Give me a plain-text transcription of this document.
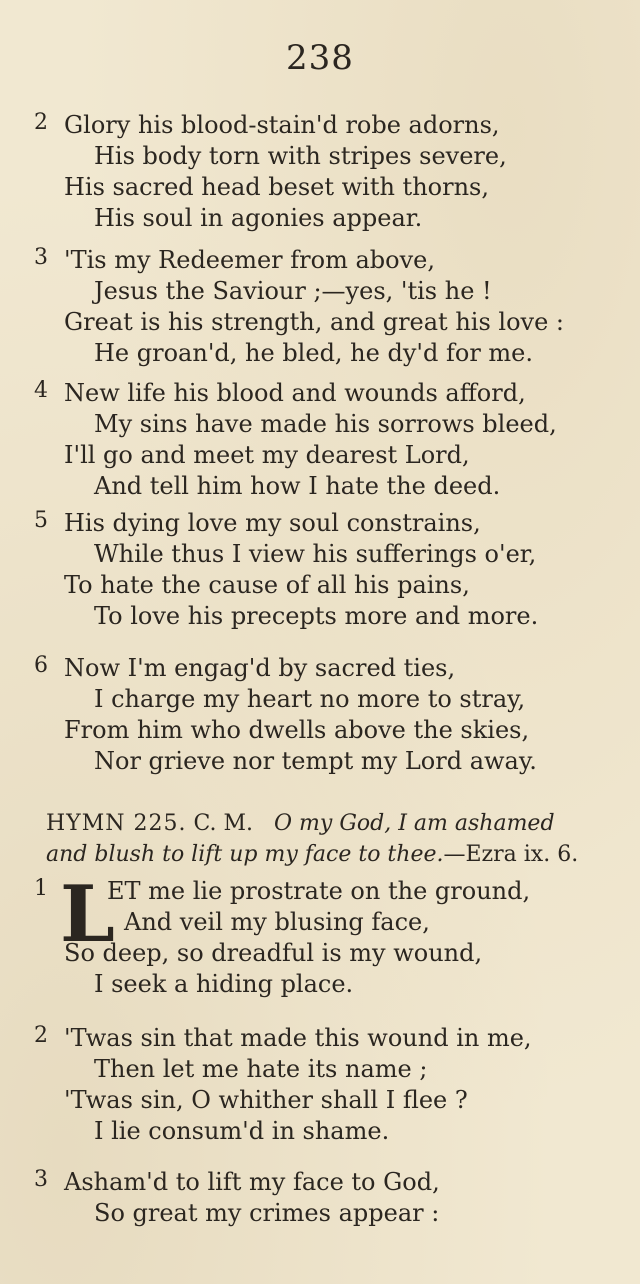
238
2 Glory his blood-stain'd robe adorns,
His body torn with stripes severe,
His sacred head beset with thorns,
His soul in agonies appear.
3 'Tis my Redeemer from above,
Jesus the Saviour ;—yes, 'tis he !
Great is his strength, and great his love :
He groan'd, he bled, he dy'd for me.
4 New life his blood and wounds afford,
My sins have made his sorrows bleed,
I'll go and meet my dearest Lord,
And tell him how I hate the deed.
5 His dying love my soul constrains,
While thus I view his sufferings o'er,
To hate the cause of all his pains,
To love his precepts more and more.
6 Now I'm engag'd by sacred ties,
I charge my heart no more to stray,
From him who dwells above the skies,
Nor grieve nor tempt my Lord away.
HYMN 225. C. M. O my God, I am ashamed
and blush to lift up my face to thee.—Ezra ix. 6.
1	ET me lie prostrate on the ground,
And veil my blusing face,
So deep, so dreadful is my wound,
I seek a hiding place.
L
2 'Twas sin that made this wound in me,
Then let me hate its name ;
'Twas sin, O whither shall I flee ?
I lie consum'd in shame.
3 Asham'd to lift my face to God,
So great my crimes appear :
